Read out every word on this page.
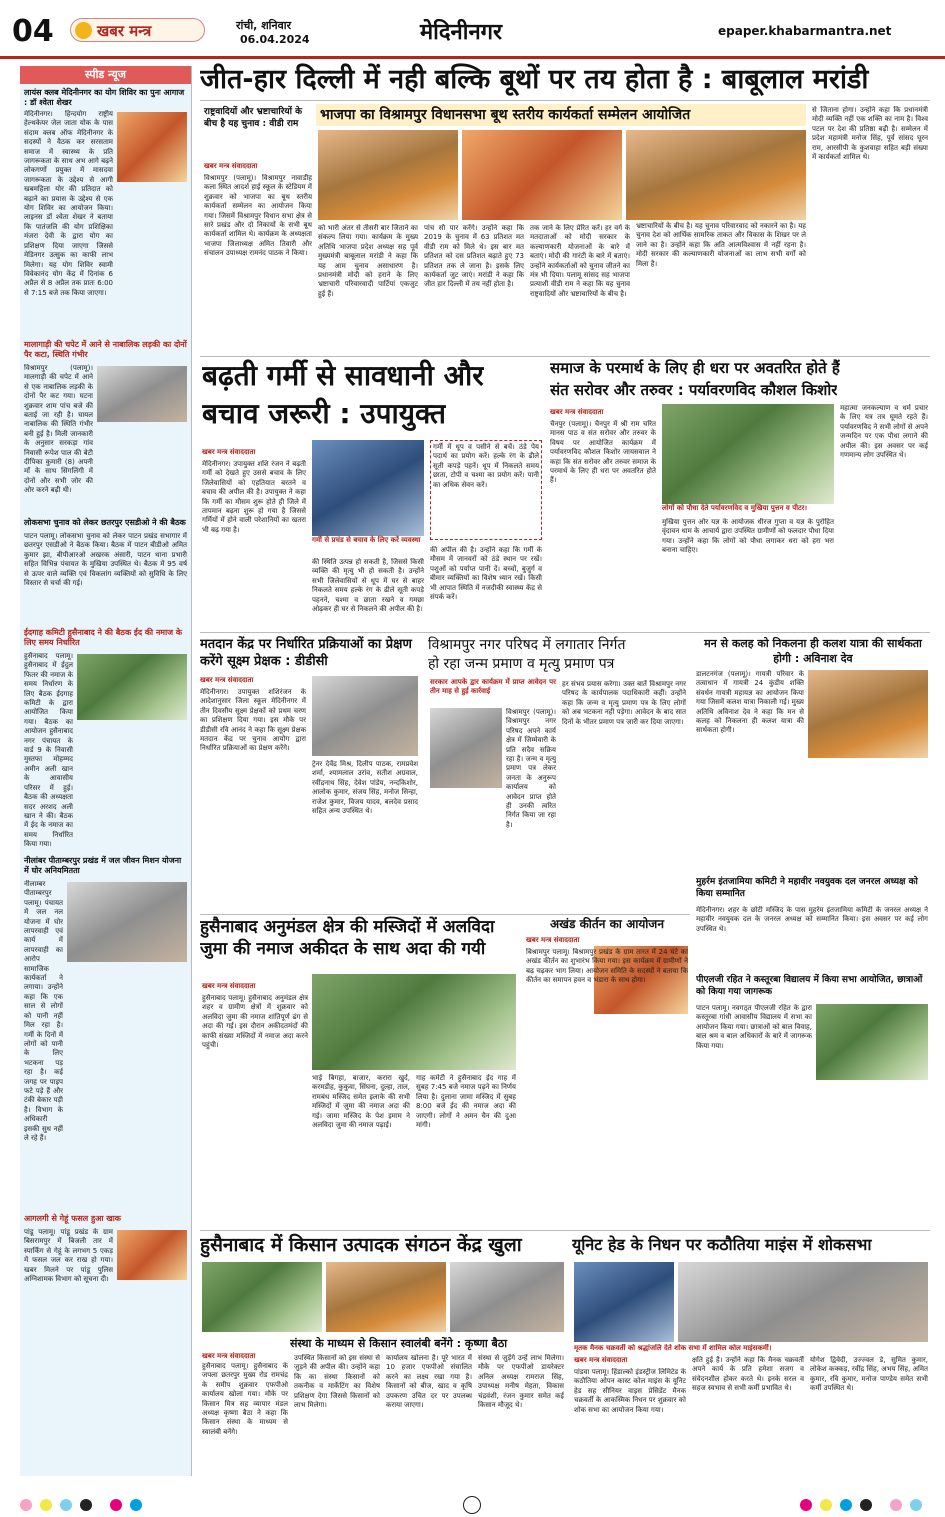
04	खबर मन्त्र	रांची, शनिवार
06.04.2024	मेदिनीनगर	epaper.khabarmantra.net
स्पीड न्यूज
लायंस क्लब मेदिनीनगर का योग शिविर का पुनः आगाज : डॉ श्वेता शेखर
मेदिनीनगर। हिन्दयोग राष्ट्रीय हेल्थकेयर जेल जाता योक के पास संदाम क्लब ऑफ मेदिनीनगर के सदस्यों ने वैठक कर सरसताम समाज में स्वास्थ्य के प्रति जागरूकता के साथ अभ आगे बढ़ने लोकगणों प्रयुक्त में मासदवा जागरूकता के उद्देश्य से आगी खबमहिला योर की प्रतिदात को बढ़ाने का प्रयास के उद्देश्य से एक योग शिविर का आयोजन किया। लाइनस डॉ श्वेता शेखर ने बताया कि पातंजलि की योग प्रशिक्षिका मंजरा देवी के द्वारा योग का प्रशिक्षण दिया जाएगा जिससे मेडिनगर उत्सुक का काफी लाभ मिलेगा। यह योग शिविर स्वामी विवेकानंद योग केंद्र में दिनांक 6 अप्रैल से 8 अप्रैल तक प्रातः 6:00 से 7:15 बजे तक किया जाएगा।
मालागाड़ी की चपेट में आने से नाबालिक लड़की का दोनों पैर कटा, स्थिति गंभीर
विश्रामपुर (पलामू)। मालगाड़ी की चपेट में आने से एक नाबालिक लड़की के दोनों पैर कट गया। घटना शुक्रवार शाम पांच बजे की बताई जा रही है। घायल नाबालिक की स्थिति गंभीर बनी हुई है। मिली जानकारी के अनुसार सरकड़ा गांव निवासी रूपेश पाल की बेटी दीपिका कुमारी (8) अपनी माँ के साथ सिंगलिंगी में दोनों और सभी जोर की ओर करने बढ़ी थी।
लोकसभा चुनाव को लेकर छतरपुर एसडीओ ने की बैठक
पाटन पलामू। लोकसभा चुनाव को लेकर पाटन प्रखंड सभागार में छतरपुर एसडीओ ने बैठक किया। बैठक में पाटन बीडीओ अमित कुमार झा, बीपीआरओ अखरक अंसारी, पाटन थाना प्रभारी सहित विभिन्न पंचायत के मुखिया उपस्थित थे। बैठक में 95 वर्ष से ऊपर वाले व्यक्ति एवं विकलांग व्यक्तियों को सुविधि के लिए विस्तार से चर्चा की गई।
ईदगाह कमिटी हुसैनाबाद ने की बैठक ईद की नमाज के लिए समय निर्धारित
हुसैनाबाद पलामू। हुसैनाबाद में ईदुल फितर की नमाज के समय निर्धारण के लिए बैठक ईदगाह कमिटी के द्वारा आयोजित किया गया। बैठक का आयोजन हुसैनाबाद नगर पंचायत के वार्ड 9 के निवासी मुस्तफा मोहम्मद अमीन अली खान के आवासीय परिसर में हुई। बैठक की अध्यक्षता सदर अरशद अली खान ने की। बैठक में ईद के नमाज का समय निर्धारित किया गया।
नीलांबर पीताम्बरपुर प्रखंड में जल जीवन मिशन योजना में घोर अनियमितता
नीलाम्बर पीताम्बरपुर पलामू। पंचायत में जल नल योजना में घोर लापरवाही एवं कार्य में लापरवाही का आरोप सामाजिक कार्यकर्ता ने लगाया। उन्होंने कहा कि एक साल से लोगों को पानी नहीं मिल रहा है। गर्मी के दिनों में लोगों को पानी के लिए भटकना पड़ रहा है। कई जगह पर पाइप फटे पड़े हैं और टंकी बेकार पड़ी है। विभाग के अधिकारी इसकी सुध नहीं ले रहे हैं।
आगलगी से गेहूं फसल हुआ खाक
पांडू पलामू। पांडू प्रखंड के ग्राम बिसरामपुर में बिजली तार में स्पार्किंग से गेहूं के लगभग 5 एकड़ में फसल जल कर राख हो गया। खबर मिलने पर पांडू पुलिस अग्निशामक विभाग को सूचना दी।
जीत-हार दिल्ली में नही बल्कि बूथों पर तय होता है : बाबूलाल मरांडी
राष्ट्रवादियों और भ्रष्टाचारियों के बीच है यह चुनाव : वीडी राम
भाजपा का विश्रामपुर विधानसभा बूथ स्तरीय कार्यकर्ता सम्मेलन आयोजित
खबर मन्त्र संवाददाता
विश्रामपुर (पलामू)। विश्रामपुर नावाडीह कला स्थित आदर्श हाई स्कूल के स्टेडियम में शुक्रवार को भाजपा का बूथ स्तरीय कार्यकर्ता सम्मेलन का आयोजन किया गया। जिसमें विश्रामपुर विधान सभा क्षेत्र से सारे प्रखंड और दो निकायों के सभी बूथ कार्यकर्ता शामिल थे। कार्यक्रम के अध्यक्षता भाजपा जिलाध्यक्ष अमित तिवारी और संचालन उपाध्यक्ष रामनंद पाठक ने किया।
को भारी अंतर से तीसरी बार जिताने का संकल्प लिया गया। कार्यक्रम के मुख्य अतिथि भाजपा प्रदेश अध्यक्ष सह पूर्व मुख्यमंत्री बाबूलाल मरांडी ने कहा कि यह आम चुनाव असाधारण है। प्रधानमंत्री मोदी को हराने के लिए भ्रष्टाचारी परिवारवादी पार्टियां एकजुट हुई हैं।
पांच सौ पार करेंगे। उन्होंने कहा कि 2019 के चुनाव में 63 प्रतिशत मत वीडी राम को मिले थे। इस बार मत प्रतिशत को दस प्रतिशत बढ़ाते हुए 73 प्रतिशत तक ले जाना है। इसके लिए कार्यकर्ता जुट जाएं। मरांडी ने कहा कि जीत हार दिल्ली में तय नहीं होता है।
तक जाने के लिए प्रेरित करें। हर वर्ग के मतदाताओं को मोदी सरकार के कल्याणकारी योजनाओं के बारे में बताएं। मोदी की गारंटी के बारे में बताएं। उन्होंने कार्यकर्ताओं को चुनाव जीतने का मंत्र भी दिया। पलामू सांसद सह भाजपा प्रत्याशी वीडी राम ने कहा कि यह चुनाव राष्ट्रवादियों और भ्रष्टाचारियों के बीच है।
भ्रष्टाचारियों के बीच है। यह चुनाव परिवारवाद को नकारने का है। यह चुनाव देश को आर्थिक सामरिक ताकत और विकास के शिखर पर ले जाने का है। उन्होंने कहा कि अति आत्मविश्वास में नहीं रहना है। मोदी सरकार की कल्याणकारी योजनाओं का लाभ सभी वर्गों को मिला है।
से जिताना होगा। उन्होंने कहा कि प्रधानमंत्री मोदी व्यक्ति नहीं एक शक्ति का नाम है। विश्व पटल पर देश की प्रतिष्ठा बढ़ी है। सम्मेलन में प्रदेश महामंत्री मनोज सिंह, पूर्व सांसद घूरन राम, आरसीपी के कुशवाहा सहित बड़ी संख्या में कार्यकर्ता शामिल थे।
बढ़ती गर्मी से सावधानी और
बचाव जरूरी : उपायुक्त
खबर मन्त्र संवाददाता
मेदिनीनगर। उपायुक्त शशि रंजन ने बढ़ती गर्मी को देखते हुए उससे बचाव के लिए जिलेवासियों को एहतियात बरतने व बचाव की अपील की है। उपायुक्त ने कहा कि गर्मी का मौसम शुरू होते ही जिले में तापमान बढ़ना शुरू हो गया है जिससे गर्मियों में होने वाली परेशानियों का खतरा भी बढ़ गया है।
गर्मी से प्रचंड से बचाव के लिए करें व्यवस्था
गर्मी में धूप व पसीने से बचें। ठंडे पेय पदार्थ का प्रयोग करें। हल्के रंग के ढीले सूती कपड़े पहनें। धूप में निकलते समय छाता, टोपी व चश्मा का प्रयोग करें। पानी का अधिक सेवन करें।
की स्थिति उत्पन्न हो सकती है, जिससे किसी व्यक्ति की मृत्यु भी हो सकती है। उन्होंने सभी जिलेवासियों से धूप में घर से बाहर निकलते समय हल्के रंग के ढीले सूती कपड़े पहनने, चश्मा व छाता रखने व गमछा ओढ़कर ही घर से निकलने की अपील की है।
की अपील की है। उन्होंने कहा कि गर्मी के मौसम में जानवरों को ठंडे स्थान पर रखें। पशुओं को पर्याप्त पानी दें। बच्चों, बुजुर्ग व बीमार व्यक्तियों का विशेष ध्यान रखें। किसी भी आपात स्थिति में नजदीकी स्वास्थ्य केंद्र से संपर्क करें।
समाज के परमार्थ के लिए ही धरा पर अवतरित होते हैं
संत सरोवर और तरुवर : पर्यावरणविद कौशल किशोर
खबर मन्त्र संवाददाता
चैनपुर (पलामू)। चैनपुर में श्री राम चरित मानस पाठ व संत सरोवर और तरुवर के विषय पर आयोजित कार्यक्रम में पर्यावरणविद कौशल किशोर जायसवाल ने कहा कि संत सरोवर और तरुवर समाज के परमार्थ के लिए ही धरा पर अवतरित होते हैं।
लोगों को पौधा देते पर्यावरणविद व मुखिया पुत्तन व पीटर।
मुखिया पुत्तन ओर यज्ञ के आयोजक धीरज गुप्ता व यज्ञ के पुरोहित वृंदावन धाम के आचार्य द्वारा उपस्थित ग्रामीणों को फलदार पौधा दिया गया। उन्होंने कहा कि लोगों को पौधा लगाकर धरा को हरा भरा बनाना चाहिए।
महात्मा जनकल्याण व धर्म प्रचार के लिए यत्र तत्र घूमते रहते हैं। पर्यावरणविद ने सभी लोगों से अपने जन्मदिन पर एक पौधा लगाने की अपील की। इस अवसर पर कई गणमान्य लोग उपस्थित थे।
मतदान केंद्र पर निर्धारित प्रक्रियाओं का प्रेक्षण करेंगे सूक्ष्म प्रेक्षक : डीडीसी
खबर मन्त्र संवाददाता
मेदिनीनगर। उपायुक्त शशिरंजन के आदेशानुसार जिला स्कूल मेदिनीनगर में तीन दिवसीय सूक्ष्म प्रेक्षकों को प्रथम चरण का प्रशिक्षण दिया गया। इस मौके पर डीडीसी रवि आनंद ने कहा कि सूक्ष्म प्रेक्षक मतदान केंद्र पर चुनाव आयोग द्वारा निर्धारित प्रक्रियाओं का प्रेक्षण करेंगे।
ट्रेनर देवेंद्र मिश्र, दिलीप पाठक, रामप्रवेश शर्मा, श्यामलाल उरांव, सतीश अग्रवाल, रवींद्रनाथ सिंह, देवेश पांडेय, नन्दकिशोर, आलोक कुमार, संजय सिंह, मनोज सिन्हा, राजेश कुमार, विजय यादव, बलदेव प्रसाद सहित अन्य उपस्थित थे।
विश्रामपुर नगर परिषद में लगातार निर्गत
हो रहा जन्म प्रमाण व मृत्यु प्रमाण पत्र
सरकार आपके द्वार कार्यक्रम में प्राप्त आवेदन पर तीन माह से हुई कार्रवाई
विश्रामपुर (पलामू)। विश्रामपुर नगर परिषद अपने कार्य क्षेत्र में जिम्मेवारी के प्रति सदैव सक्रिय रहा है। जन्म व मृत्यु प्रमाण पत्र लेकर जनता के अनुरूप कार्यालय को आवेदन प्राप्त होते ही उनकी त्वरित निर्गत किया जा रहा है।
हर संभव प्रयास करेगा। उक्त बातें विश्रामपुर नगर परिषद के कार्यपालक पदाधिकारी कहीं। उन्होंने कहा कि जन्म व मृत्यु प्रमाण पत्र के लिए लोगों को अब भटकना नहीं पड़ेगा। आवेदन के बाद सात दिनों के भीतर प्रमाण पत्र जारी कर दिया जाएगा।
मन से कलह को निकलना ही कलश यात्रा की सार्थकता होगी : अविनाश देव
डालटनगंज (पलामू)। गायत्री परिवार के तत्वाधान में गायत्री 24 कुंडीय शक्ति संवर्धन गायत्री महायज्ञ का आयोजन किया गया जिसमें कलश यात्रा निकाली गई। मुख्य अतिथि अविनाश देव ने कहा कि मन से कलह को निकलना ही कलश यात्रा की सार्थकता होगी।
मुहर्रम इंतजामिया कमिटी ने महावीर नवयुवक दल जनरल अध्यक्ष को किया सम्मानित
मेदिनीनगर। शहर के छोटी मस्जिद के पास मुहर्रम इंतजामिया कमिटी के जनरल अध्यक्ष ने महावीर नवयुवक दल के जनरल अध्यक्ष को सम्मानित किया। इस अवसर पर कई लोग उपस्थित थे।
पीएलजी रहित ने कस्तूरबा विद्यालय में किया सभा आयोजित, छात्राओं को किया गया जागरूक
पाटन पलामू। नवगठ्त पीएलजी रहित के द्वारा कस्तूरबा गांधी आवासीय विद्यालय में सभा का आयोजन किया गया। छात्राओं को बाल विवाह, बाल श्रम व बाल अधिकारों के बारे में जागरूक किया गया।
हुसैनाबाद अनुमंडल क्षेत्र की मस्जिदों में अलविदा
जुमा की नमाज अकीदत के साथ अदा की गयी
खबर मन्त्र संवाददाता
हुसैनाबाद पलामू। हुसैनाबाद अनुमंडल क्षेत्र शहर व ग्रामीण क्षेत्रों में शुक्रवार को अलविदा जुमा की नमाज शांतिपूर्ण ढंग से अदा की गई। इस दौरान अकीदतमंदों की काफी संख्या मस्जिदों में नमाज अदा करने पहुंची।
भाई बिगहा, बाजार, करारा खुर्द, करमडीह, कुकुवा, सिंघना, दुल्हा, ताल, रामबंध मस्जिद समेत इलाके की सभी मस्जिदों में जुमा की नमाज अदा की गई। जामा मस्जिद के पेश इमाम ने अलविदा जुमा की नमाज पढ़ाई।
गाह कमेटी ने हुसैनाबाद ईद गाह में सुबह 7:45 बजे नमाज पढ़ने का निर्णय लिया है। दुलाना जामा मस्जिद में सुबह 8:00 बजे ईद की नमाज अदा की जाएगी। लोगों ने अमन चैन की दुआ मांगी।
अखंड कीर्तन का आयोजन
खबर मन्त्र संवाददाता
बिश्रामपुर पलामू। बिश्रामपुर प्रखंड के ग्राम तारत में 24 घंटे का अखंड कीर्तन का शुभारंभ किया गया। इस कार्यक्रम में ग्रामीणों ने बढ़ चढ़कर भाग लिया। आयोजन समिति के सदस्यों ने बताया कि कीर्तन का समापन हवन व भंडारा के साथ होगा।
हुसैनाबाद में किसान उत्पादक संगठन केंद्र खुला
संस्था के माध्यम से किसान स्वालंबी बनेंगे : कृष्णा बैठा
खबर मन्त्र संवाददाता
हुसैनाबाद पलामू। हुसैनाबाद के जपला छतरपुर मुख्य रोड रामचंद्र के समीप शुक्रवार एफपीओ कार्यालय खोला गया। मौके पर किसान मित्र सह व्यापार मंडल अध्यक्ष कृष्णा बैठा ने कहा कि किसान संस्था के माध्यम से स्वालंबी बनेंगे।
उपस्थित किसानों को इस संस्था से जुड़ने की अपील की। उन्होंने कहा कि का संस्था किसानों को तकनीक व मार्केटिंग का विशेष प्रशिक्षण देगा जिससे किसानों को लाभ मिलेगा।
कार्यालय खोलना है। पूरे भारत में 10 हजार एफपीओ संचालित करने का लक्ष्य रखा गया है। किसानों को बीज, खाद व कृषि उपकरण उचित दर पर उपलब्ध कराया जाएगा।
संस्था से जुड़ेंगे उन्हें लाभ मिलेगा। मौके पर एफपीओ डायरेक्टर अनिल अध्यक्ष रामराज सिंह, उपाध्यक्ष मनीष मेहता, विकास चंद्रवंशी, रंजन कुमार समेत कई किसान मौजूद थे।
यूनिट हेड के निधन पर कठौतिया माइंस में शोकसभा
मृतक मैनक चक्रवर्ती को श्रद्धांजलि देते शोक सभा में शामिल कोल माइंसकर्मी।
खबर मन्त्र संवाददाता
पांडवा पलामू। हिंडाल्को इंडस्ट्रीज लिमिटेड के कठौतिया ओपन कास्ट कोल माइंस के यूनिट हेड सह सीनियर वाइस प्रेसिडेंट मैनक चक्रवर्ती के आकस्मिक निधन पर शुक्रवार को शोक सभा का आयोजन किया गया।
क्षति हुई है। उन्होंने कहा कि मैनक चक्रवर्ती अपने कार्य के प्रति हमेशा सजग व संवेदनशील होकर करते थे। इनके सरल व सहज स्वभाव से सभी कर्मी प्रभावित थे।
योगेश द्विवेदी, उज्ज्वल डे, सुमित कुमार, लोकेश कक्कड़, रवींद्र सिंह, अभय सिंह, अमित कुमार, रवि कुमार, मनोज पाण्डेय समेत सभी कर्मी उपस्थित थे।
